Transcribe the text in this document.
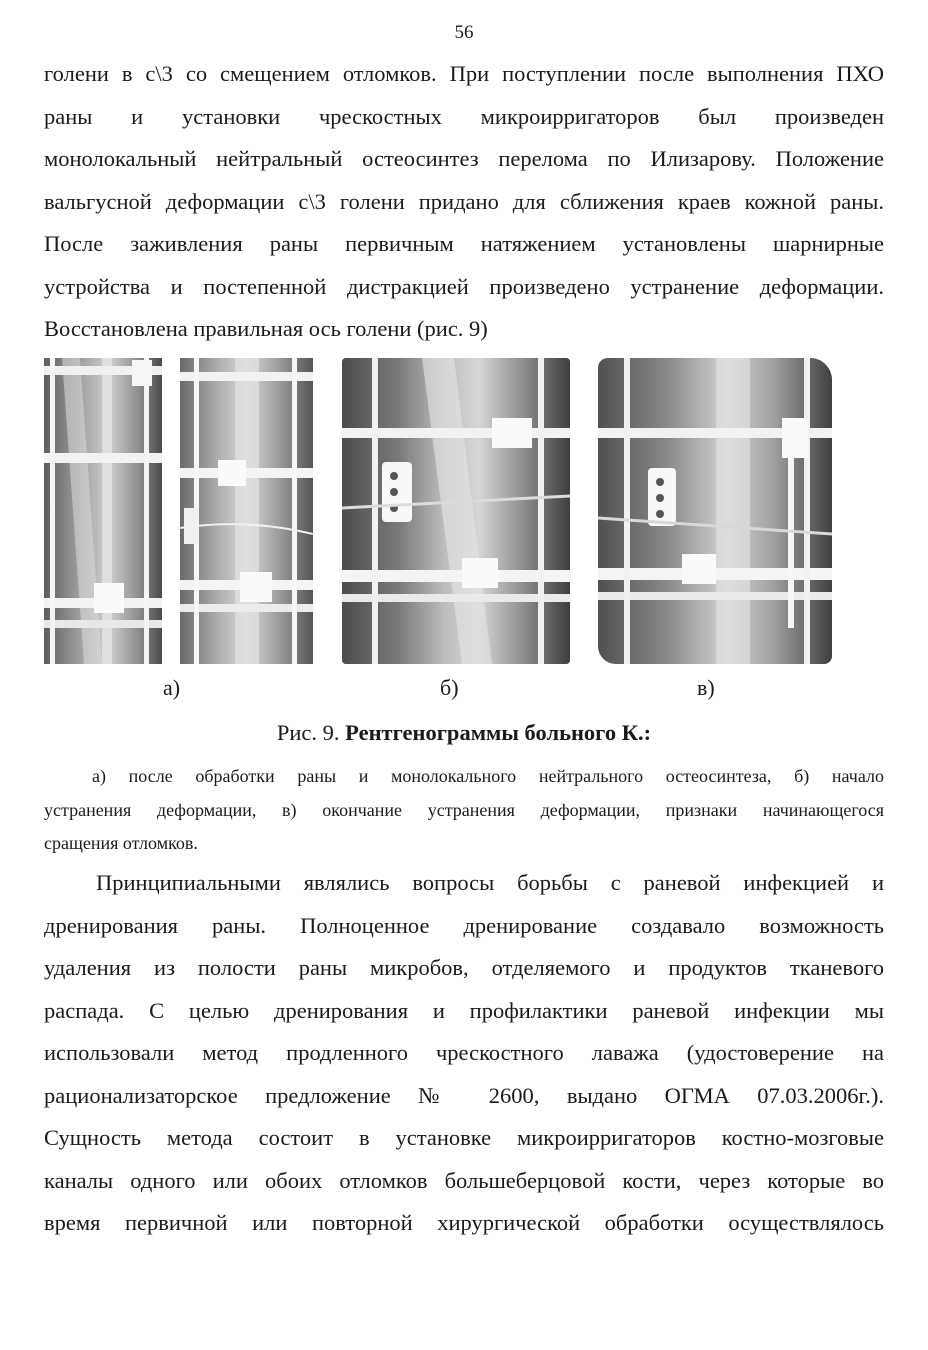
56
голени в с\3 со смещением отломков. При поступлении после выполнения ПХО
раны и установки чрескостных микроирригаторов был произведен
монолокальный нейтральный остеосинтез перелома по Илизарову. Положение
вальгусной деформации с\3 голени придано для сближения краев кожной раны.
После заживления раны первичным натяжением установлены шарнирные
устройства и постепенной дистракцией произведено устранение деформации.
Восстановлена правильная ось голени (рис. 9)
а)	б)	в)
Рис. 9. Рентгенограммы больного К.:
а) после обработки раны и монолокального нейтрального остеосинтеза, б) начало
устранения деформации, в) окончание устранения деформации, признаки начинающегося
сращения отломков.
Принципиальными являлись вопросы борьбы с раневой инфекцией и
дренирования раны. Полноценное дренирование создавало возможность
удаления из полости раны микробов, отделяемого и продуктов тканевого
распада. С целью дренирования и профилактики раневой инфекции мы
использовали метод продленного чрескостного лаважа (удостоверение на
рационализаторское предложение № 2600, выдано ОГМА 07.03.2006г.).
Сущность метода состоит в установке микроирригаторов костно-мозговые
каналы одного или обоих отломков большеберцовой кости, через которые во
время первичной или повторной хирургической обработки осуществлялось
